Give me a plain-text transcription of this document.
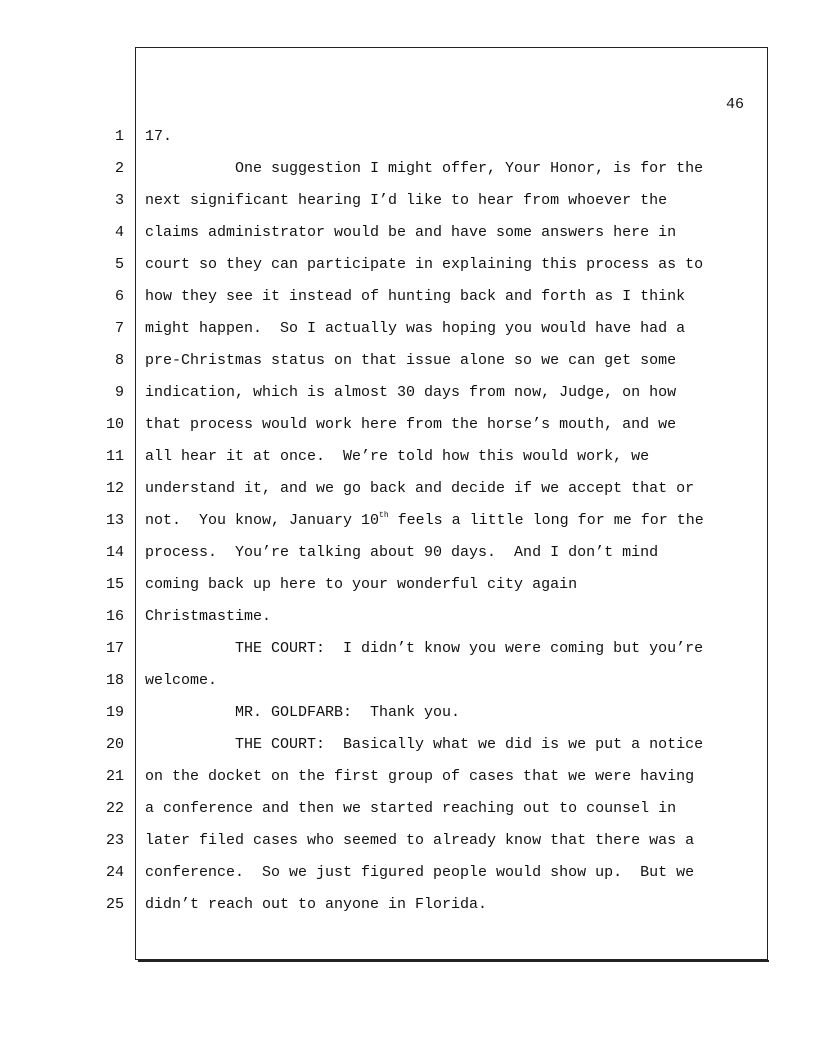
46
1 17.
2 One suggestion I might offer, Your Honor, is for the
3 next significant hearing I’d like to hear from whoever the
4 claims administrator would be and have some answers here in
5 court so they can participate in explaining this process as to
6 how they see it instead of hunting back and forth as I think
7 might happen.  So I actually was hoping you would have had a
8 pre-Christmas status on that issue alone so we can get some
9 indication, which is almost 30 days from now, Judge, on how
10 that process would work here from the horse’s mouth, and we
11 all hear it at once.  We’re told how this would work, we
12 understand it, and we go back and decide if we accept that or
13 not.  You know, January 10th feels a little long for me for the
14 process.  You’re talking about 90 days.  And I don’t mind
15 coming back up here to your wonderful city again
16 Christmastime.
17 THE COURT:  I didn’t know you were coming but you’re
18 welcome.
19 MR. GOLDFARB:  Thank you.
20 THE COURT:  Basically what we did is we put a notice
21 on the docket on the first group of cases that we were having
22 a conference and then we started reaching out to counsel in
23 later filed cases who seemed to already know that there was a
24 conference.  So we just figured people would show up.  But we
25 didn’t reach out to anyone in Florida.
